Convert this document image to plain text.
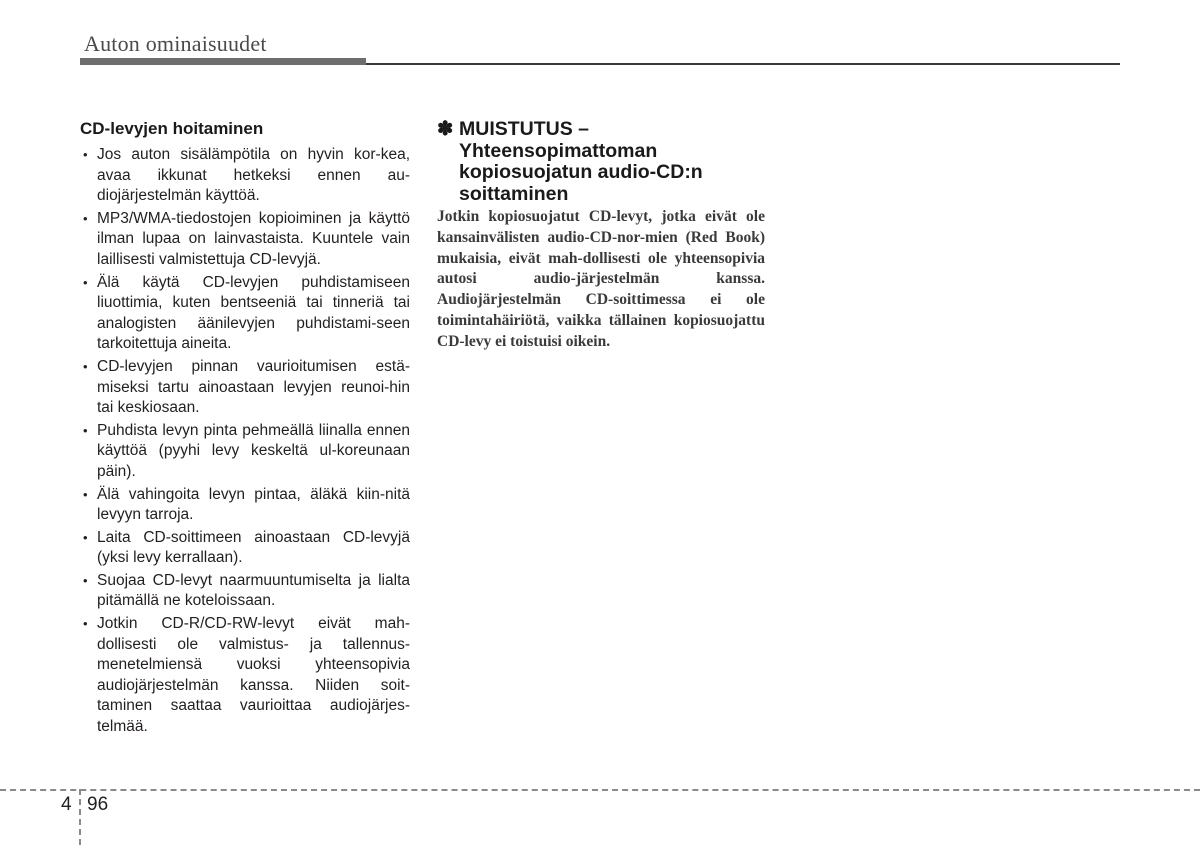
Auton ominaisuudet
CD-levyjen hoitaminen
• Jos auton sisälämpötila on hyvin kor-kea, avaa ikkunat hetkeksi ennen au-diojärjestelmän käyttöä.
• MP3/WMA-tiedostojen kopioiminen ja käyttö ilman lupaa on lainvastaista. Kuuntele vain laillisesti valmistettuja CD-levyjä.
• Älä käytä CD-levyjen puhdistamiseen liuottimia, kuten bentseeniä tai tinneriä tai analogisten äänilevyjen puhdistami-seen tarkoitettuja aineita.
• CD-levyjen pinnan vaurioitumisen estä-miseksi tartu ainoastaan levyjen reunoi-hin tai keskiosaan.
• Puhdista levyn pinta pehmeällä liinalla ennen käyttöä (pyyhi levy keskeltä ul-koreunaan päin).
• Älä vahingoita levyn pintaa, äläkä kiin-nitä levyyn tarroja.
• Laita CD-soittimeen ainoastaan CD-levyjä (yksi levy kerrallaan).
• Suojaa CD-levyt naarmuuntumiselta ja lialta pitämällä ne koteloissaan.
• Jotkin CD-R/CD-RW-levyt eivät mah-dollisesti ole valmistus- ja tallennus-menetelmiensä vuoksi yhteensopivia audiojärjestelmän kanssa. Niiden soit-taminen saattaa vaurioittaa audiojärjes-telmää.
✽ MUISTUTUS –
Yhteensopimattoman
kopiosuojatun audio-CD:n
soittaminen
Jotkin kopiosuojatut CD-levyt, jotka eivät ole kansainvälisten audio-CD-nor-mien (Red Book) mukaisia, eivät mah-dollisesti ole yhteensopivia autosi audio-järjestelmän kanssa. Audiojärjestelmän CD-soittimessa ei ole toimintahäiriötä, vaikka tällainen kopiosuojattu CD-levy ei toistuisi oikein.
4 96
